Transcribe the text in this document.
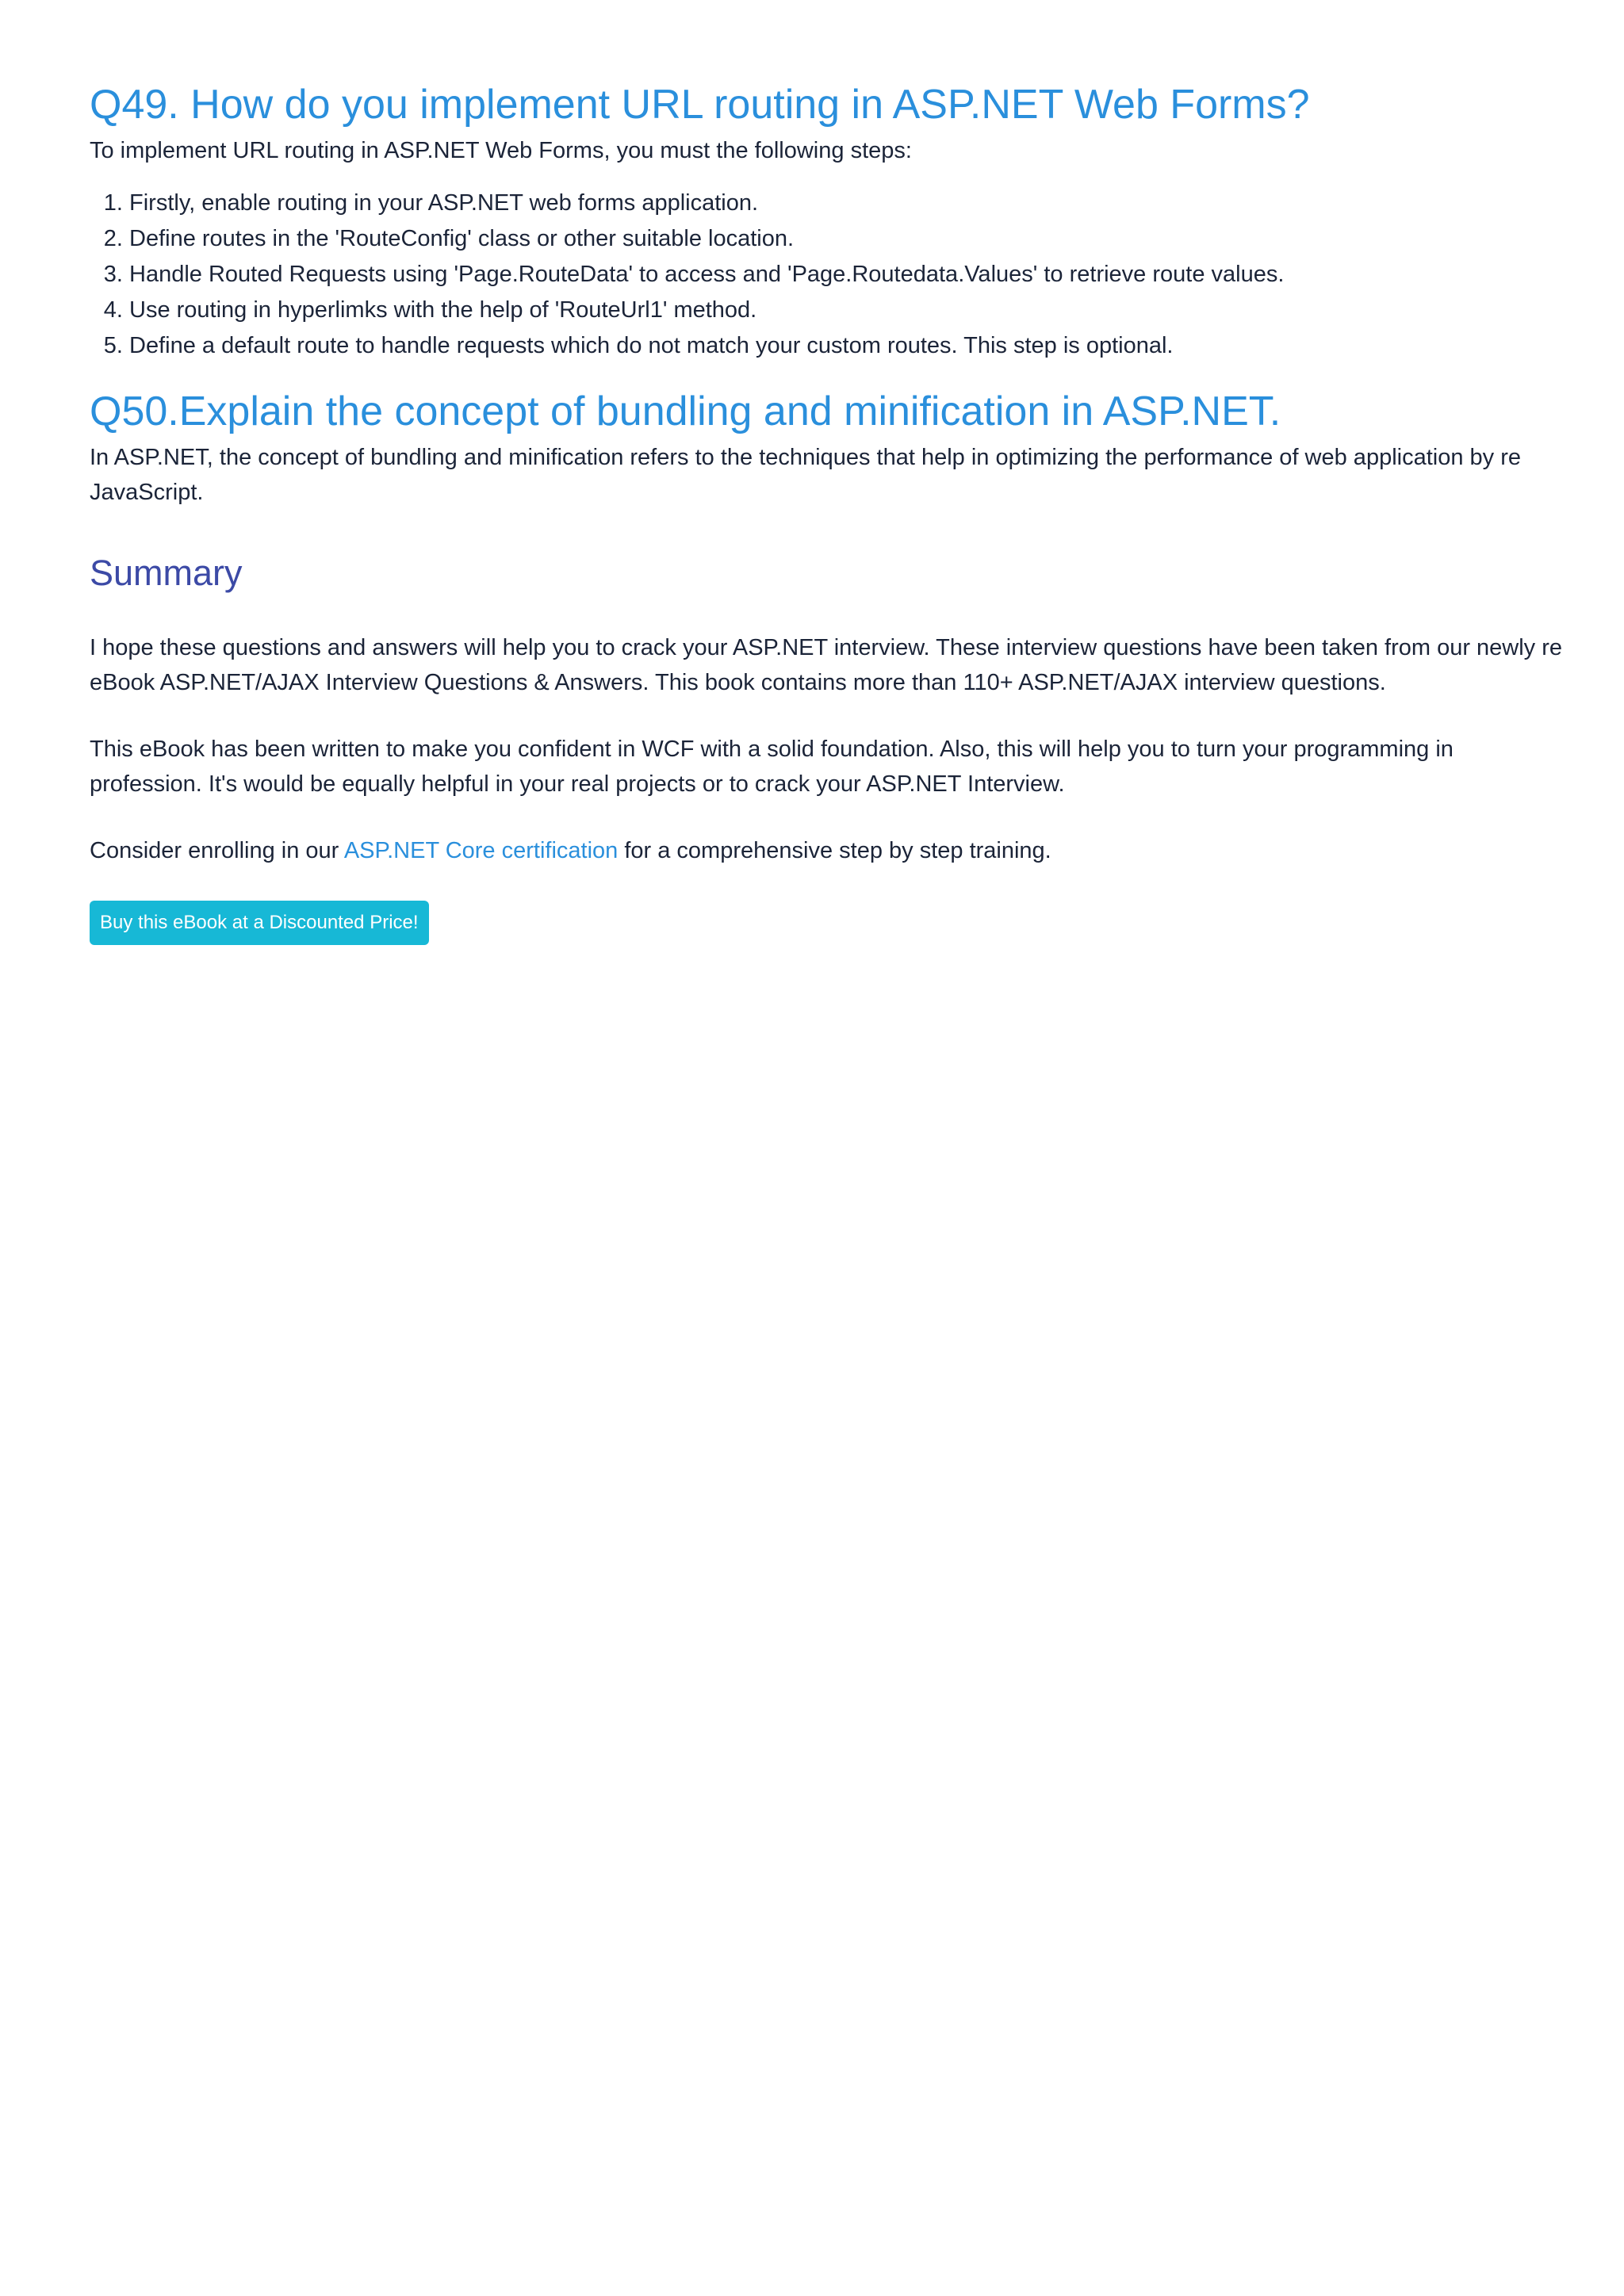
Q49. How do you implement URL routing in ASP.NET Web Forms?

To implement URL routing in ASP.NET Web Forms, you must the following steps:

1. Firstly, enable routing in your ASP.NET web forms application.
2. Define routes in the 'RouteConfig' class or other suitable location.
3. Handle Routed Requests using 'Page.RouteData' to access and 'Page.Routedata.Values' to retrieve route values.
4. Use routing in hyperlimks with the help of 'RouteUrl1' method.
5. Define a default route to handle requests which do not match your custom routes. This step is optional.
Q50.Explain the concept of bundling and minification in ASP.NET.

In ASP.NET, the concept of bundling and minification refers to the techniques that help in optimizing the performance of web application by re
JavaScript.

Summary

I hope these questions and answers will help you to crack your ASP.NET interview. These interview questions have been taken from our newly re
eBook ASP.NET/AJAX Interview Questions & Answers. This book contains more than 110+ ASP.NET/AJAX interview questions.

This eBook has been written to make you confident in WCF with a solid foundation. Also, this will help you to turn your programming in
profession. It's would be equally helpful in your real projects or to crack your ASP.NET Interview.

Consider enrolling in our ASP.NET Core certification for a comprehensive step by step training.

Buy this eBook at a Discounted Price!
